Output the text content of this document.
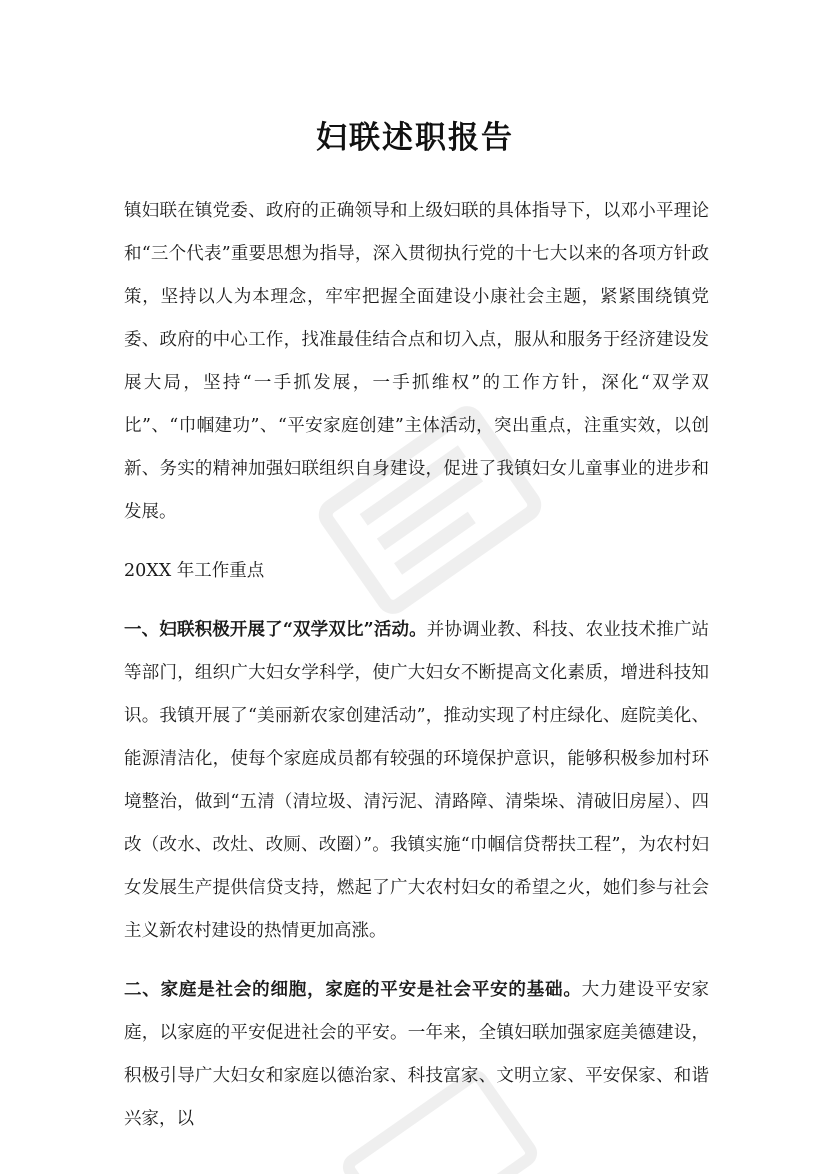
妇联述职报告

镇妇联在镇党委、政府的正确领导和上级妇联的具体指导下，以邓小平理论和“三个代表”重要思想为指导，深入贯彻执行党的十七大以来的各项方针政策，坚持以人为本理念，牢牢把握全面建设小康社会主题，紧紧围绕镇党委、政府的中心工作，找准最佳结合点和切入点，服从和服务于经济建设发展大局，坚持“一手抓发展，一手抓维权”的工作方针，深化“双学双比”、“巾帼建功”、“平安家庭创建”主体活动，突出重点，注重实效，以创新、务实的精神加强妇联组织自身建设，促进了我镇妇女儿童事业的进步和发展。

20XX 年工作重点

一、妇联积极开展了“双学双比”活动。并协调业教、科技、农业技术推广站等部门，组织广大妇女学科学，使广大妇女不断提高文化素质，增进科技知识。我镇开展了“美丽新农家创建活动”，推动实现了村庄绿化、庭院美化、能源清洁化，使每个家庭成员都有较强的环境保护意识，能够积极参加村环境整治，做到“五清（清垃圾、清污泥、清路障、清柴垛、清破旧房屋）、四改（改水、改灶、改厕、改圈）”。我镇实施“巾帼信贷帮扶工程”，为农村妇女发展生产提供信贷支持，燃起了广大农村妇女的希望之火，她们参与社会主义新农村建设的热情更加高涨。

二、家庭是社会的细胞，家庭的平安是社会平安的基础。大力建设平安家庭，以家庭的平安促进社会的平安。一年来，全镇妇联加强家庭美德建设，积极引导广大妇女和家庭以德治家、科技富家、文明立家、平安保家、和谐兴家，以
